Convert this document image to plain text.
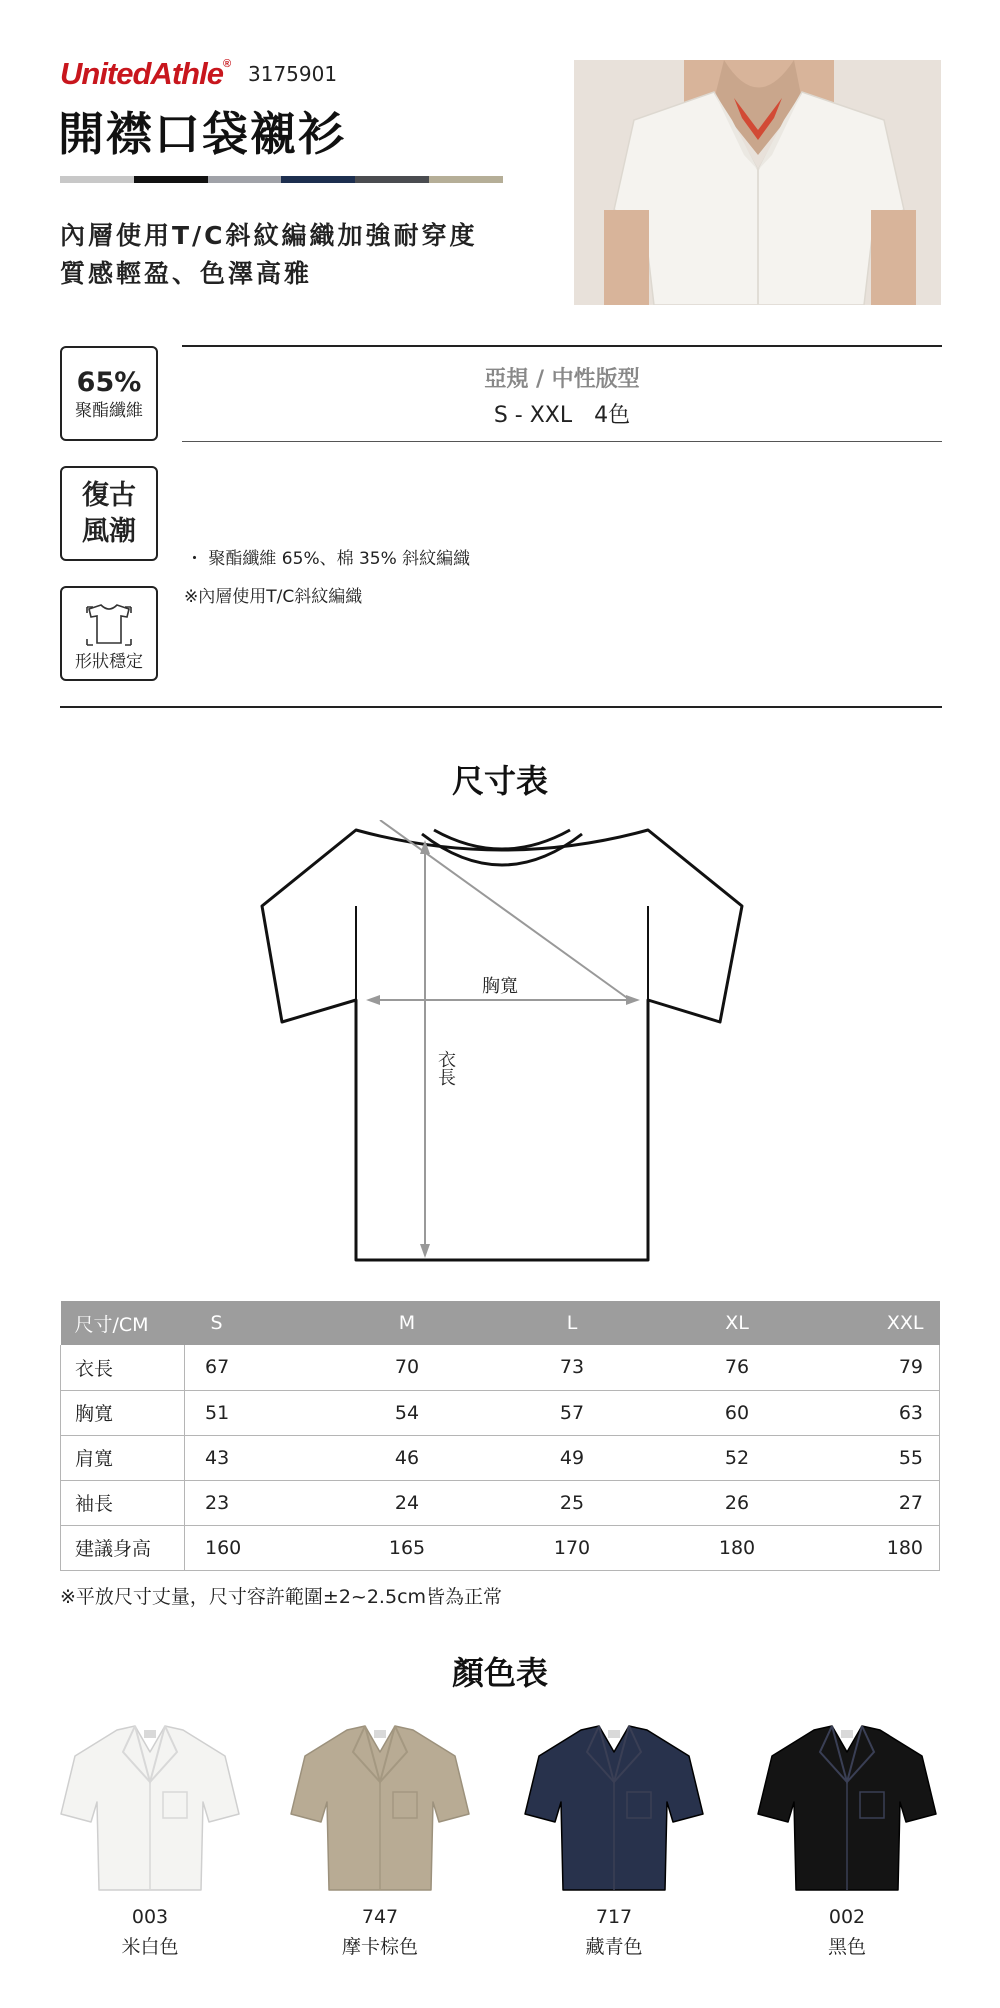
UnitedAthle® 3175901
開襟口袋襯衫
內層使用T/C斜紋編織加強耐穿度
質感輕盈、色澤高雅
65%
聚酯纖維
復古
風潮
形狀穩定
亞規 / 中性版型
S - XXL　4色
・ 聚酯纖維 65%、棉 35% 斜紋編織
※內層使用T/C斜紋編織
尺寸表
胸寬
衣長
尺寸/CM	S	M	L	XL	XXL
衣長	67	70	73	76	79
胸寬	51	54	57	60	63
肩寬	43	46	49	52	55
袖長	23	24	25	26	27
建議身高	160	165	170	180	180
※平放尺寸丈量，尺寸容許範圍±2~2.5cm皆為正常
顏色表
003
米白色
747
摩卡棕色
717
藏青色
002
黑色
